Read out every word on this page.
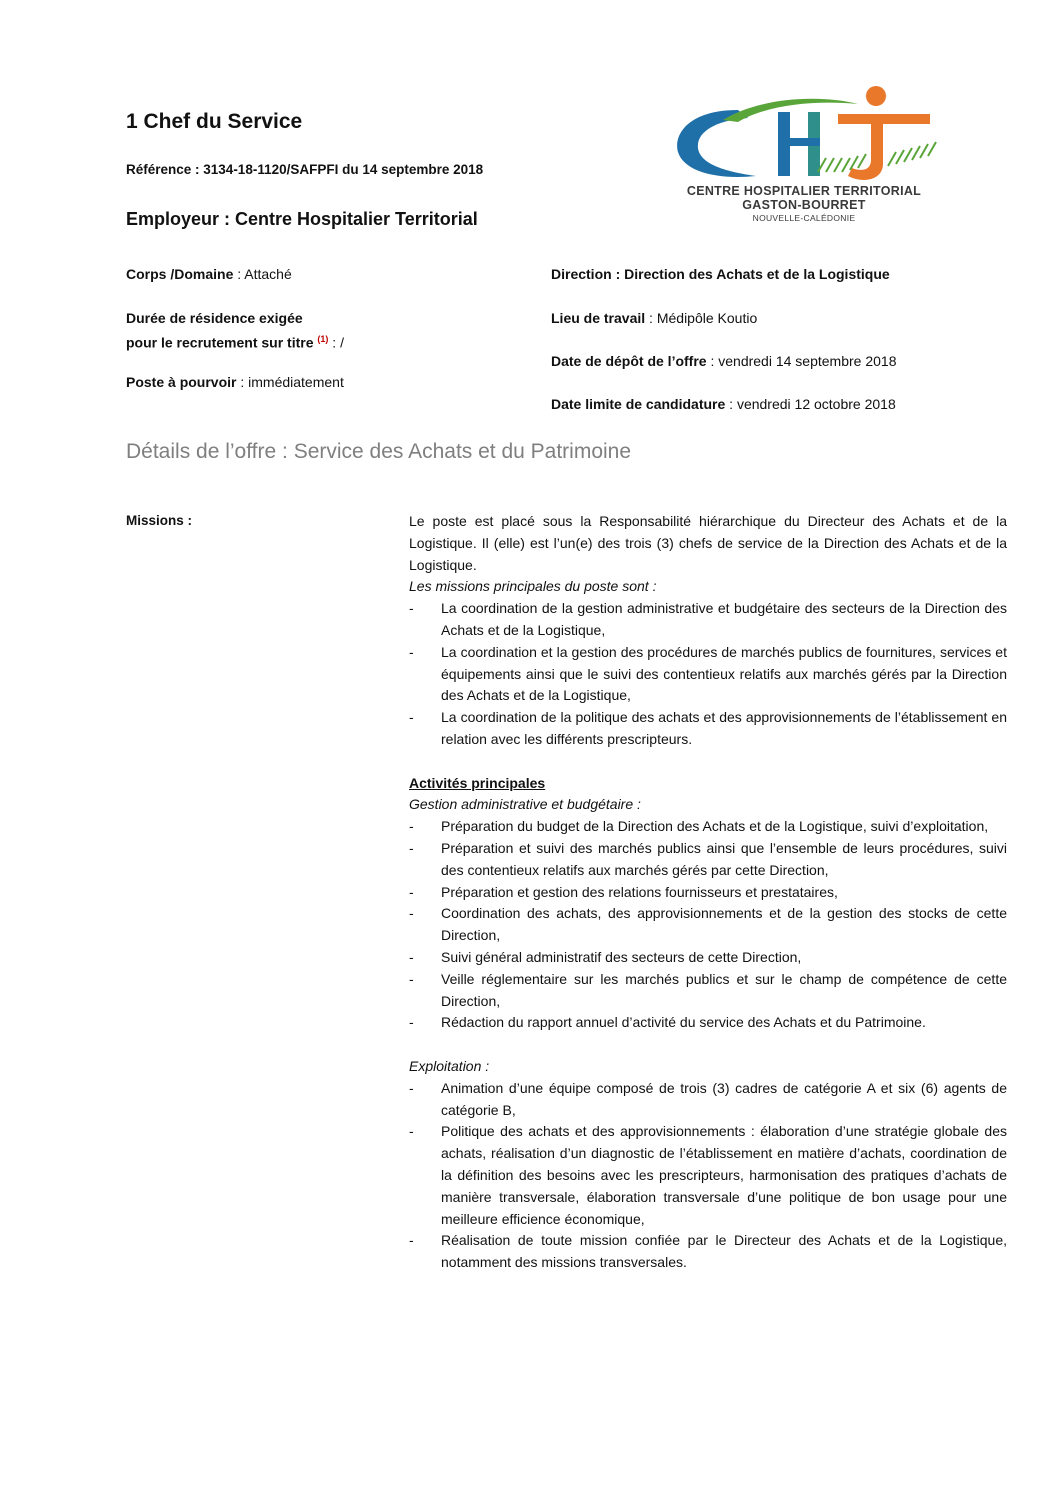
1 Chef du Service
Référence : 3134-18-1120/SAFPFI du 14 septembre 2018
Employeur : Centre Hospitalier Territorial
CENTRE HOSPITALIER TERRITORIAL
GASTON-BOURRET
NOUVELLE-CALÉDONIE
Corps /Domaine : Attaché
Durée de résidence exigée
pour le recrutement sur titre $^{(1)}$ : /
Poste à pourvoir : immédiatement
Direction : Direction des Achats et de la Logistique
Lieu de travail : Médipôle Koutio
Date de dépôt de l’offre : vendredi 14 septembre 2018
Date limite de candidature : vendredi 12 octobre 2018
Détails de l’offre : Service des Achats et du Patrimoine
Missions :	Le poste est placé sous la Responsabilité hiérarchique du Directeur des Achats et de la Logistique. Il (elle) est l’un(e) des trois (3) chefs de service de la Direction des Achats et de la Logistique.

Les missions principales du poste sont :

- La coordination de la gestion administrative et budgétaire des secteurs de la Direction des Achats et de la Logistique,
- La coordination et la gestion des procédures de marchés publics de fournitures, services et équipements ainsi que le suivi des contentieux relatifs aux marchés gérés par la Direction des Achats et de la Logistique,
- La coordination de la politique des achats et des approvisionnements de l’établissement en relation avec les différents prescripteurs.

Activités principales

Gestion administrative et budgétaire :

- Préparation du budget de la Direction des Achats et de la Logistique, suivi d’exploitation,
- Préparation et suivi des marchés publics ainsi que l’ensemble de leurs procédures, suivi des contentieux relatifs aux marchés gérés par cette Direction,
- Préparation et gestion des relations fournisseurs et prestataires,
- Coordination des achats, des approvisionnements et de la gestion des stocks de cette Direction,
- Suivi général administratif des secteurs de cette Direction,
- Veille réglementaire sur les marchés publics et sur le champ de compétence de cette Direction,
- Rédaction du rapport annuel d’activité du service des Achats et du Patrimoine.

Exploitation :

- Animation d’une équipe composé de trois (3) cadres de catégorie A et six (6) agents de catégorie B,
- Politique des achats et des approvisionnements : élaboration d’une stratégie globale des achats, réalisation d’un diagnostic de l’établissement en matière d’achats, coordination de la définition des besoins avec les prescripteurs, harmonisation des pratiques d’achats de manière transversale, élaboration transversale d’une politique de bon usage pour une meilleure efficience économique,
- Réalisation de toute mission confiée par le Directeur des Achats et de la Logistique, notamment des missions transversales.
